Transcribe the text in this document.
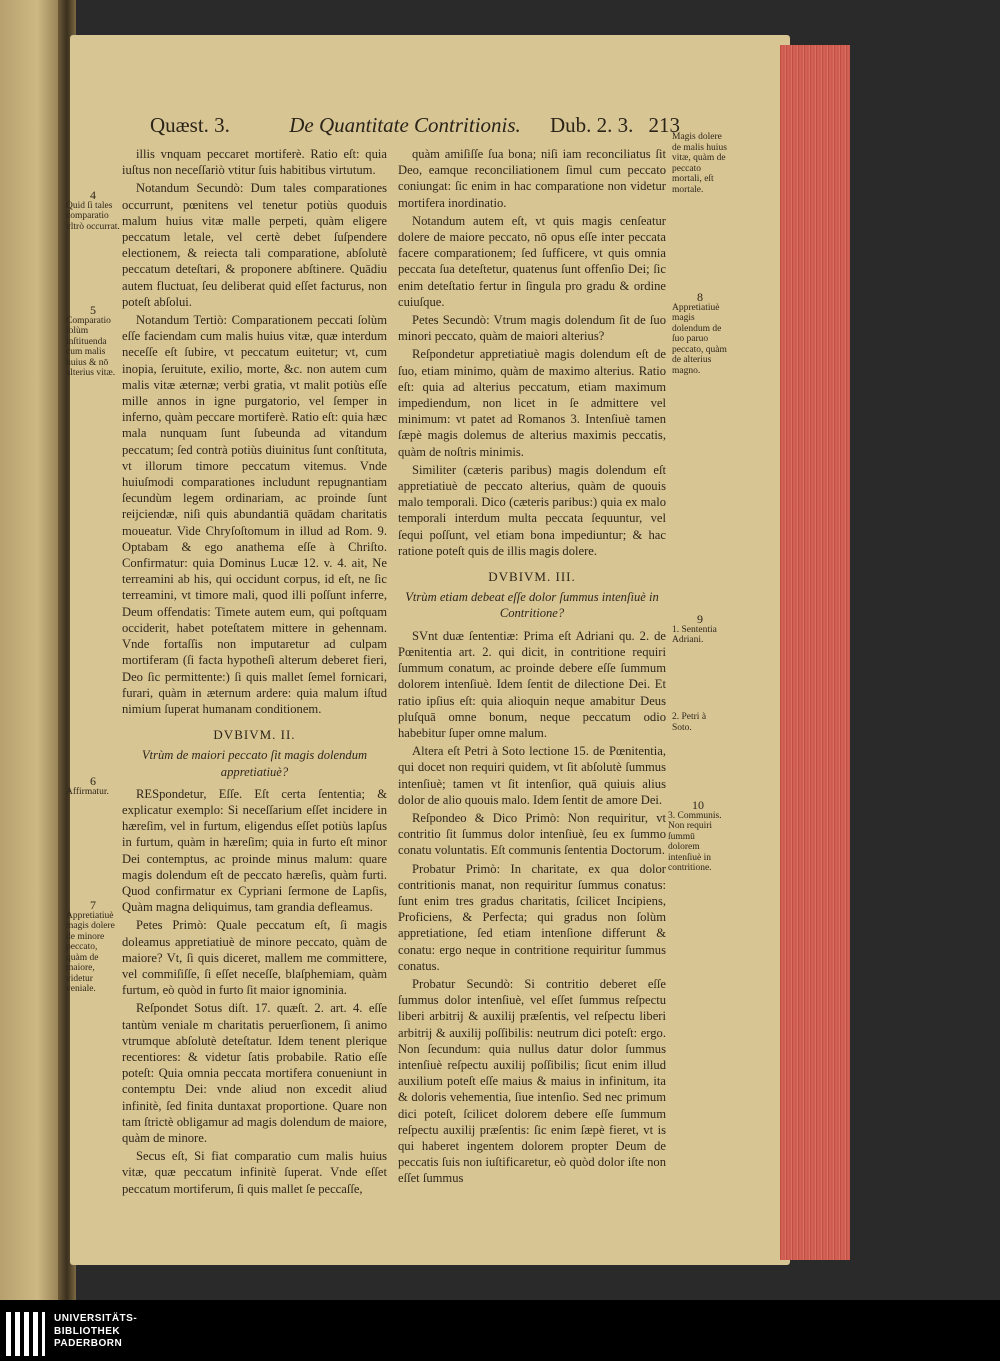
Quæst. 3.	De Quantitate Contritionis.	Dub. 2. 3. 213

illis vnquam peccaret mortiferè. Ratio eſt: quia iuſtus non neceſſariò vtitur ſuis habitibus virtutum.

Notandum Secundò: Dum tales comparationes occurrunt, pœnitens vel tenetur potiùs quoduis malum huius vitæ malle perpeti, quàm eligere peccatum letale, vel certè debet ſuſpendere electionem, & reiecta tali comparatione, abſolutè peccatum deteſtari, & proponere abſtinere. Quādiu autem fluctuat, ſeu deliberat quid eſſet facturus, non poteſt abſolui.

Notandum Tertiò: Comparationem peccati ſolùm eſſe faciendam cum malis huius vitæ, quæ interdum neceſſe eſt ſubire, vt peccatum euitetur; vt, cum inopia, ſeruitute, exilio, morte, &c. non autem cum malis vitæ æternæ; verbi gratia, vt malit potiùs eſſe mille annos in igne purgatorio, vel ſemper in inferno, quàm peccare mortiferè. Ratio eſt: quia hæc mala nunquam ſunt ſubeunda ad vitandum peccatum; ſed contrà potiùs diuinitus ſunt conſtituta, vt illorum timore peccatum vitemus. Vnde huiuſmodi comparationes includunt repugnantiam ſecundùm legem ordinariam, ac proinde ſunt reijciendæ, niſi quis abundantiā quādam charitatis moueatur. Vide Chryſoſtomum in illud ad Rom. 9. Optabam & ego anathema eſſe à Chriſto. Confirmatur: quia Dominus Lucæ 12. v. 4. ait, Ne terreamini ab his, qui occidunt corpus, id eſt, ne ſic terreamini, vt timore mali, quod illi poſſunt inferre, Deum offendatis: Timete autem eum, qui poſtquam occiderit, habet poteſtatem mittere in gehennam. Vnde fortaſſis non imputaretur ad culpam mortiferam (ſi facta hypotheſi alterum deberet fieri, Deo ſic permittente:) ſi quis mallet ſemel fornicari, furari, quàm in æternum ardere: quia malum iſtud nimium ſuperat humanam conditionem.

DVBIVM. II.

Vtrùm de maiori peccato ſit magis dolendum appretiatiuè?

RESpondetur, Eſſe. Eſt certa ſententia; & explicatur exemplo: Si neceſſarium eſſet incidere in hæreſim, vel in furtum, eligendus eſſet potiùs lapſus in furtum, quàm in hæreſim; quia in furto eſt minor Dei contemptus, ac proinde minus malum: quare magis dolendum eſt de peccato hæreſis, quàm furti. Quod confirmatur ex Cypriani ſermone de Lapſis, Quàm magna deliquimus, tam grandia defleamus.

Petes Primò: Quale peccatum eſt, ſi magis doleamus appretiatiuè de minore peccato, quàm de maiore? Vt, ſi quis diceret, mallem me committere, vel commiſiſſe, ſi eſſet neceſſe, blaſphemiam, quàm furtum, eò quòd in furto ſit maior ignominia.

Reſpondet Sotus diſt. 17. quæſt. 2. art. 4. eſſe tantùm veniale m charitatis peruerſionem, ſi animo vtrumque abſolutè deteſtatur. Idem tenent plerique recentiores: & videtur ſatis probabile. Ratio eſſe poteſt: Quia omnia peccata mortifera conueniunt in contemptu Dei: vnde aliud non excedit aliud infinitè, ſed finita duntaxat proportione. Quare non tam ſtrictè obligamur ad magis dolendum de maiore, quàm de minore.

Secus eſt, Si fiat comparatio cum malis huius vitæ, quæ peccatum infinitè ſuperat. Vnde eſſet peccatum mortiferum, ſi quis mallet ſe peccaſſe,

quàm amiſiſſe ſua bona; niſi iam reconciliatus ſit Deo, eamque reconciliationem ſimul cum peccato coniungat: ſic enim in hac comparatione non videtur mortifera inordinatio.

Notandum autem eſt, vt quis magis cenſeatur dolere de maiore peccato, nō opus eſſe inter peccata facere comparationem; ſed ſufficere, vt quis omnia peccata ſua deteſtetur, quatenus ſunt offenſio Dei; ſic enim deteſtatio fertur in ſingula pro gradu & ordine cuiuſque.

Petes Secundò: Vtrum magis dolendum ſit de ſuo minori peccato, quàm de maiori alterius?

Reſpondetur appretiatiuè magis dolendum eſt de ſuo, etiam minimo, quàm de maximo alterius. Ratio eſt: quia ad alterius peccatum, etiam maximum impediendum, non licet in ſe admittere vel minimum: vt patet ad Romanos 3. Intenſiuè tamen ſæpè magis dolemus de alterius maximis peccatis, quàm de noſtris minimis.

Similiter (cæteris paribus) magis dolendum eſt appretiatiuè de peccato alterius, quàm de quouis malo temporali. Dico (cæteris paribus:) quia ex malo temporali interdum multa peccata ſequuntur, vel ſequi poſſunt, vel etiam bona impediuntur; & hac ratione poteſt quis de illis magis dolere.

DVBIVM. III.

Vtrùm etiam debeat eſſe dolor ſummus intenſiuè in Contritione?

SVnt duæ ſententiæ: Prima eſt Adriani qu. 2. de Pœnitentia art. 2. qui dicit, in contritione requiri ſummum conatum, ac proinde debere eſſe ſummum dolorem intenſiuè. Idem ſentit de dilectione Dei. Et ratio ipſius eſt: quia alioquin neque amabitur Deus pluſquā omne bonum, neque peccatum odio habebitur ſuper omne malum.

Altera eſt Petri à Soto lectione 15. de Pœnitentia, qui docet non requiri quidem, vt ſit abſolutè ſummus intenſiuè; tamen vt ſit intenſior, quā quiuis alius dolor de alio quouis malo. Idem ſentit de amore Dei.

Reſpondeo & Dico Primò: Non requiritur, vt contritio ſit ſummus dolor intenſiuè, ſeu ex ſummo conatu voluntatis. Eſt communis ſententia Doctorum.

Probatur Primò: In charitate, ex qua dolor contritionis manat, non requiritur ſummus conatus: ſunt enim tres gradus charitatis, ſcilicet Incipiens, Proficiens, & Perfecta; qui gradus non ſolùm appretiatione, ſed etiam intenſione differunt & conatu: ergo neque in contritione requiritur ſummus conatus.

Probatur Secundò: Si contritio deberet eſſe ſummus dolor intenſiuè, vel eſſet ſummus reſpectu liberi arbitrij & auxilij præſentis, vel reſpectu liberi arbitrij & auxilij poſſibilis: neutrum dici poteſt: ergo. Non ſecundum: quia nullus datur dolor ſummus intenſiuè reſpectu auxilij poſſibilis; ſicut enim illud auxilium poteſt eſſe maius & maius in infinitum, ita & doloris vehementia, ſiue intenſio. Sed nec primum dici poteſt, ſcilicet dolorem debere eſſe ſummum reſpectu auxilij præſentis: ſic enim ſæpè fieret, vt is qui haberet ingentem dolorem propter Deum de peccatis ſuis non iuſtificaretur, eò quòd dolor iſte non eſſet ſummus

4
Quid ſi tales comparatio vltrò occurrat.
5
Comparatio ſolùm inſtituenda cum malis huius & nō alterius vitæ.
6
Affirmatur.
7
Appretiatiuè magis dolere de minore peccato, quàm de maiore, videtur veniale.
Magis dolere de malis huius vitæ, quàm de peccato mortali, eſt mortale.
8
Appretiatiuè magis dolendum de ſuo paruo peccato, quàm de alterius magno.
9
1. Sententia Adriani.
2. Petri à Soto.
10
3. Communis. Non requiri ſummū dolorem intenſiuè in contritione.
UNIVERSITÄTS-
BIBLIOTHEK
PADERBORN
